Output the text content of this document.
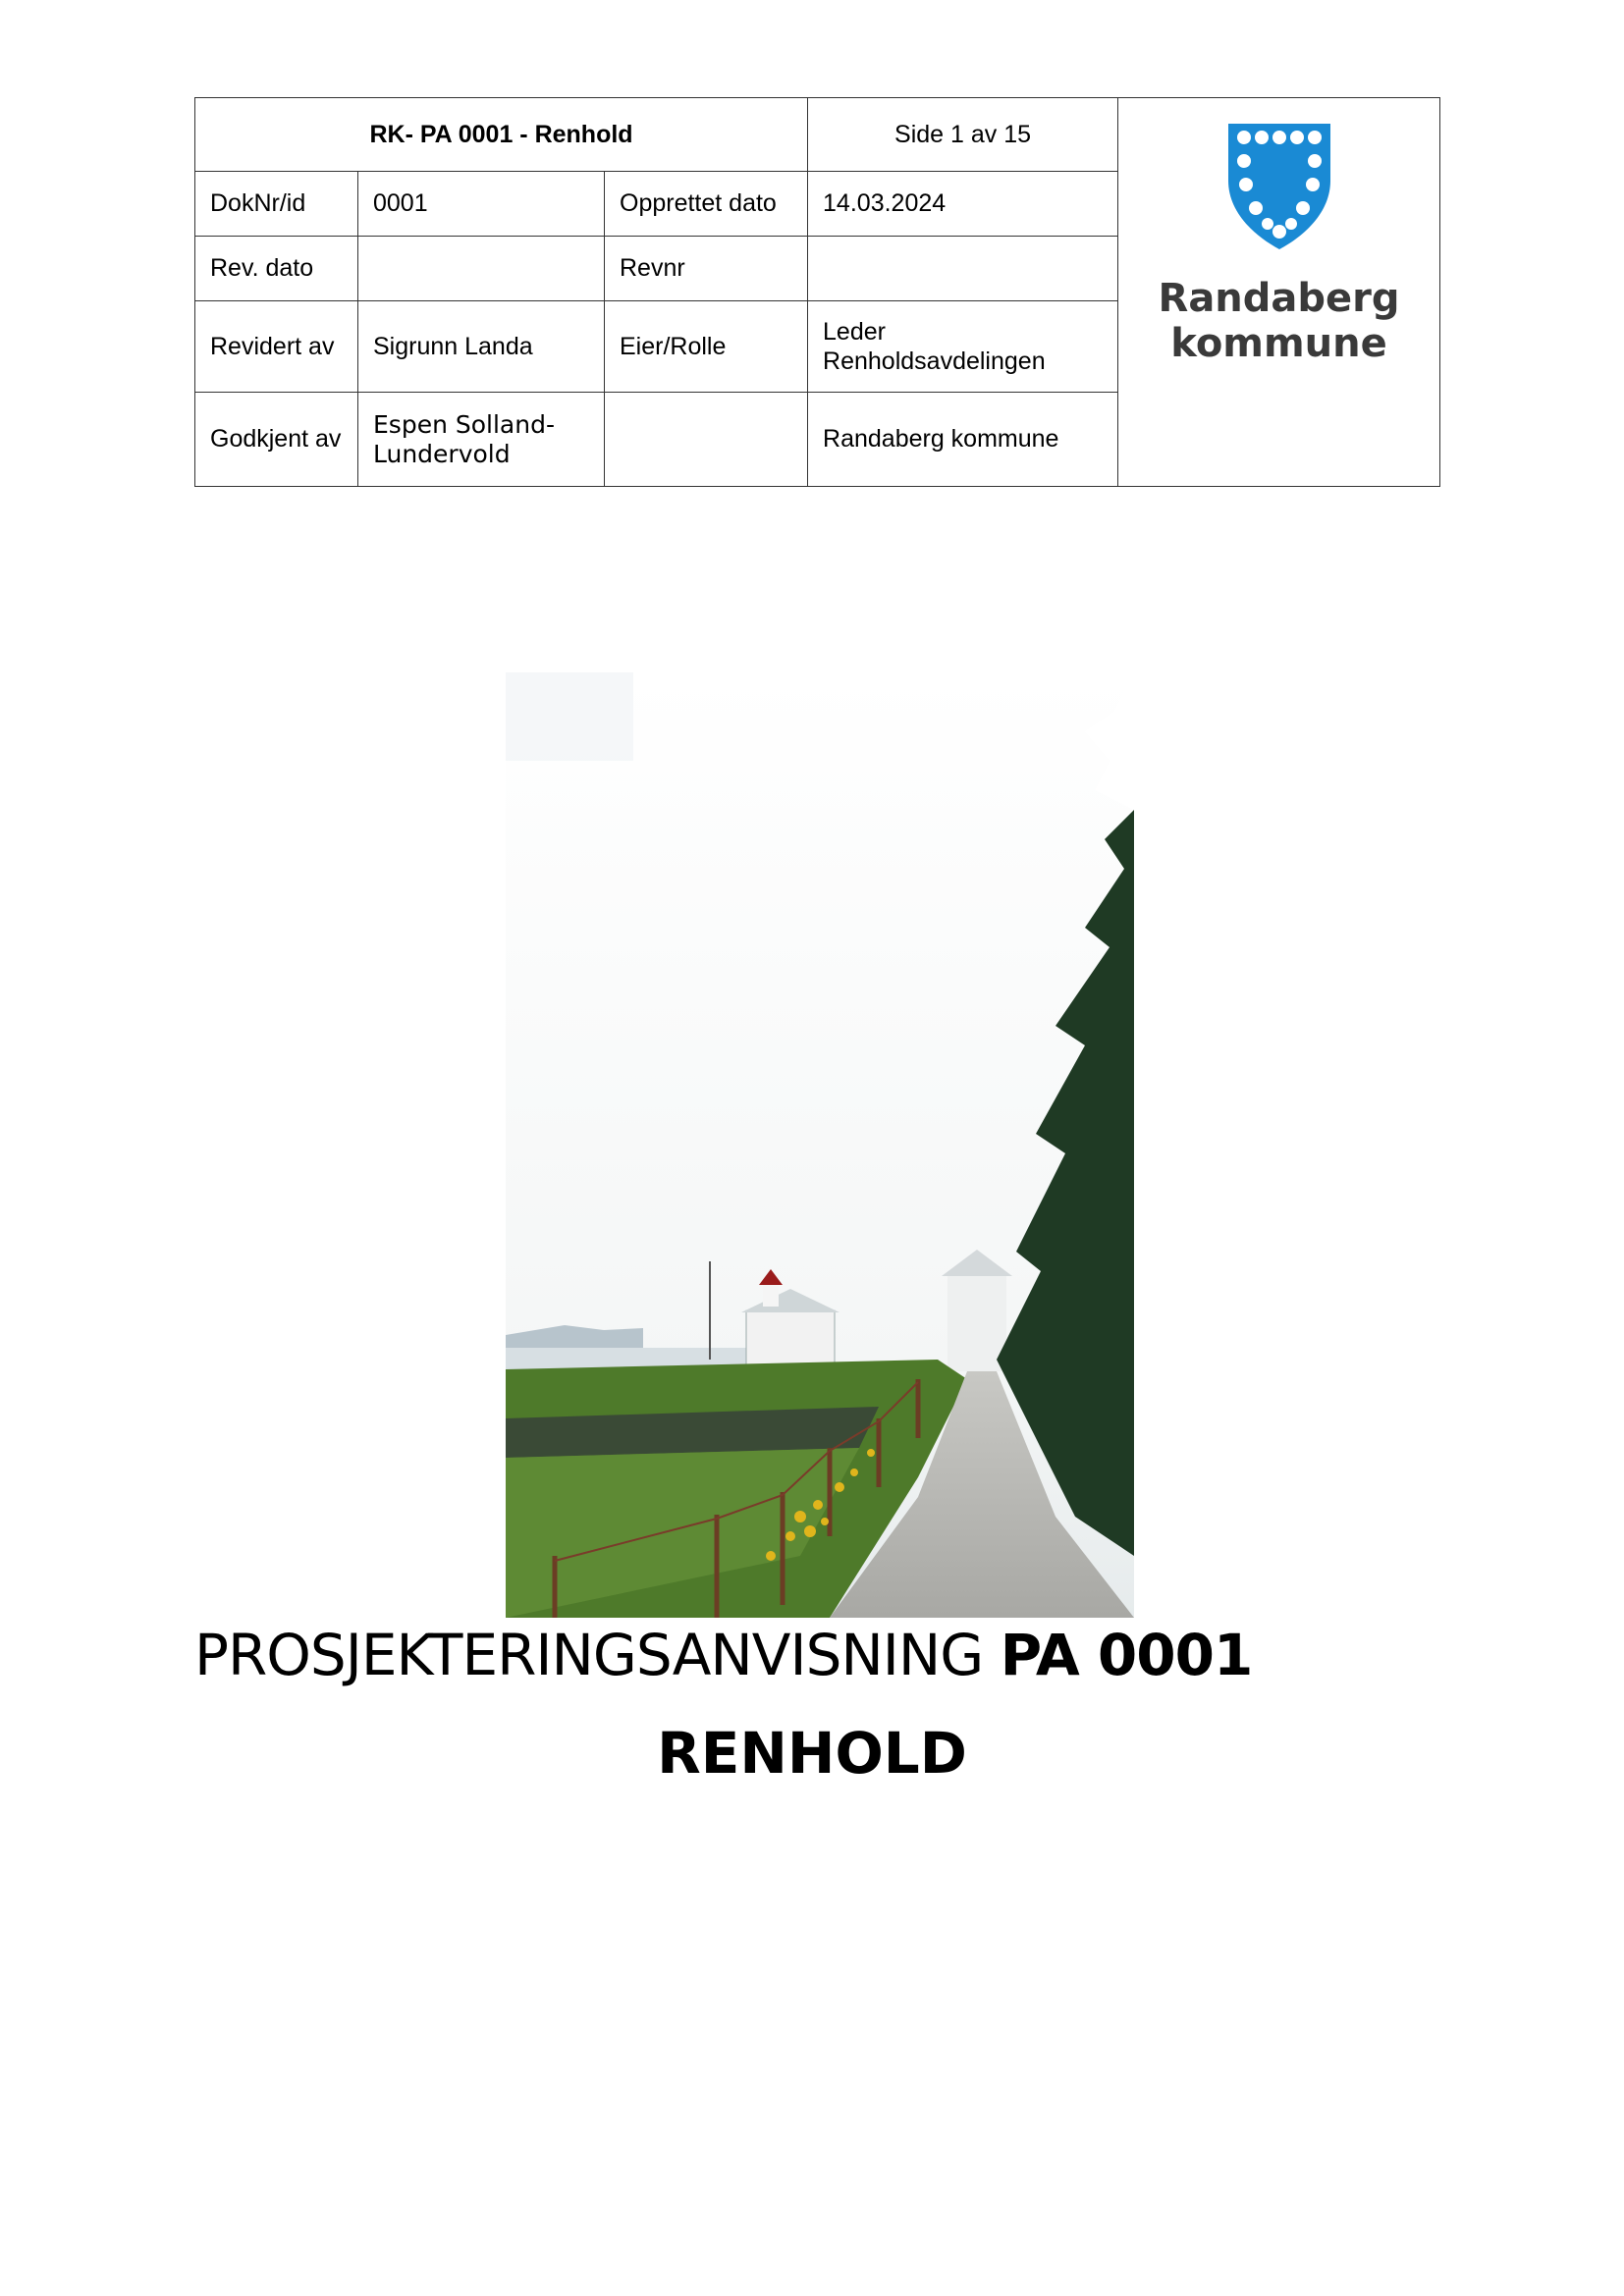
RK- PA 0001 - Renhold			Side 1 av 15	Randaberg
kommune

DokNr/id	0001	Opprettet dato	14.03.2024	
Rev. dato		Revnr		
Revidert av	Sigrunn Landa	Eier/Rolle	Leder
Renholdsavdelingen	

Godkjent av	Espen Solland-
Lundervold		Randaberg kommune	
PROSJEKTERINGSANVISNING PA 0001
RENHOLD
